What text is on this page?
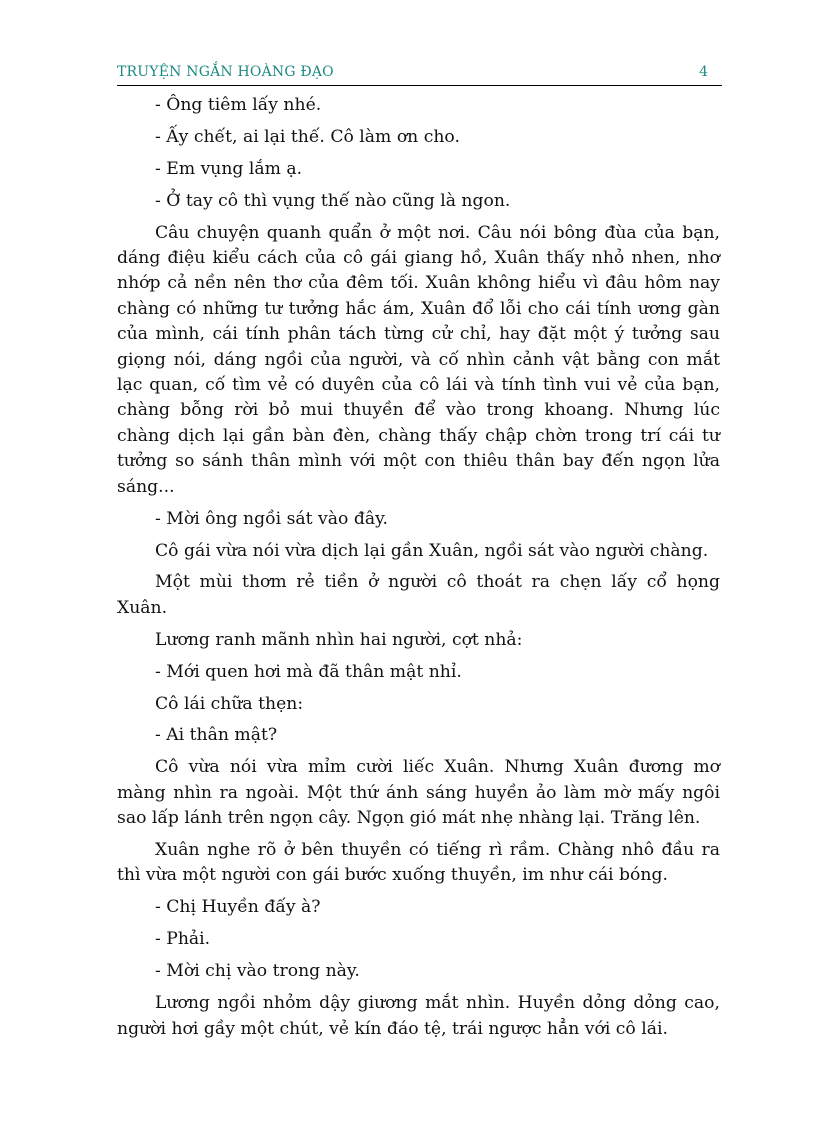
TRUYỆN NGẮN HOÀNG ĐẠO	4

- Ông tiêm lấy nhé.

- Ấy chết, ai lại thế. Cô làm ơn cho.

- Em vụng lắm ạ.

- Ở tay cô thì vụng thế nào cũng là ngon.

Câu chuyện quanh quẩn ở một nơi. Câu nói bông đùa của bạn, dáng điệu kiểu cách của cô gái giang hồ, Xuân thấy nhỏ nhen, nhơ nhớp cả nền nên thơ của đêm tối. Xuân không hiểu vì đâu hôm nay chàng có những tư tưởng hắc ám, Xuân đổ lỗi cho cái tính ương gàn của mình, cái tính phân tách từng cử chỉ, hay đặt một ý tưởng sau giọng nói, dáng ngồi của người, và cố nhìn cảnh vật bằng con mắt lạc quan, cố tìm vẻ có duyên của cô lái và tính tình vui vẻ của bạn, chàng bỗng rời bỏ mui thuyền để vào trong khoang. Nhưng lúc chàng dịch lại gần bàn đèn, chàng thấy chập chờn trong trí cái tư tưởng so sánh thân mình với một con thiêu thân bay đến ngọn lửa sáng...

- Mời ông ngồi sát vào đây.

Cô gái vừa nói vừa dịch lại gần Xuân, ngồi sát vào người chàng.

Một mùi thơm rẻ tiền ở người cô thoát ra chẹn lấy cổ họng Xuân.

Lương ranh mãnh nhìn hai người, cợt nhả:

- Mới quen hơi mà đã thân mật nhỉ.

Cô lái chữa thẹn:

- Ai thân mật?

Cô vừa nói vừa mỉm cười liếc Xuân. Nhưng Xuân đương mơ màng nhìn ra ngoài. Một thứ ánh sáng huyền ảo làm mờ mấy ngôi sao lấp lánh trên ngọn cây. Ngọn gió mát nhẹ nhàng lại. Trăng lên.

Xuân nghe rõ ở bên thuyền có tiếng rì rầm. Chàng nhô đầu ra thì vừa một người con gái bước xuống thuyền, im như cái bóng.

- Chị Huyền đấy à?

- Phải.

- Mời chị vào trong này.

Lương ngồi nhỏm dậy giương mắt nhìn. Huyền dỏng dỏng cao, người hơi gầy một chút, vẻ kín đáo tệ, trái ngược hẳn với cô lái.
